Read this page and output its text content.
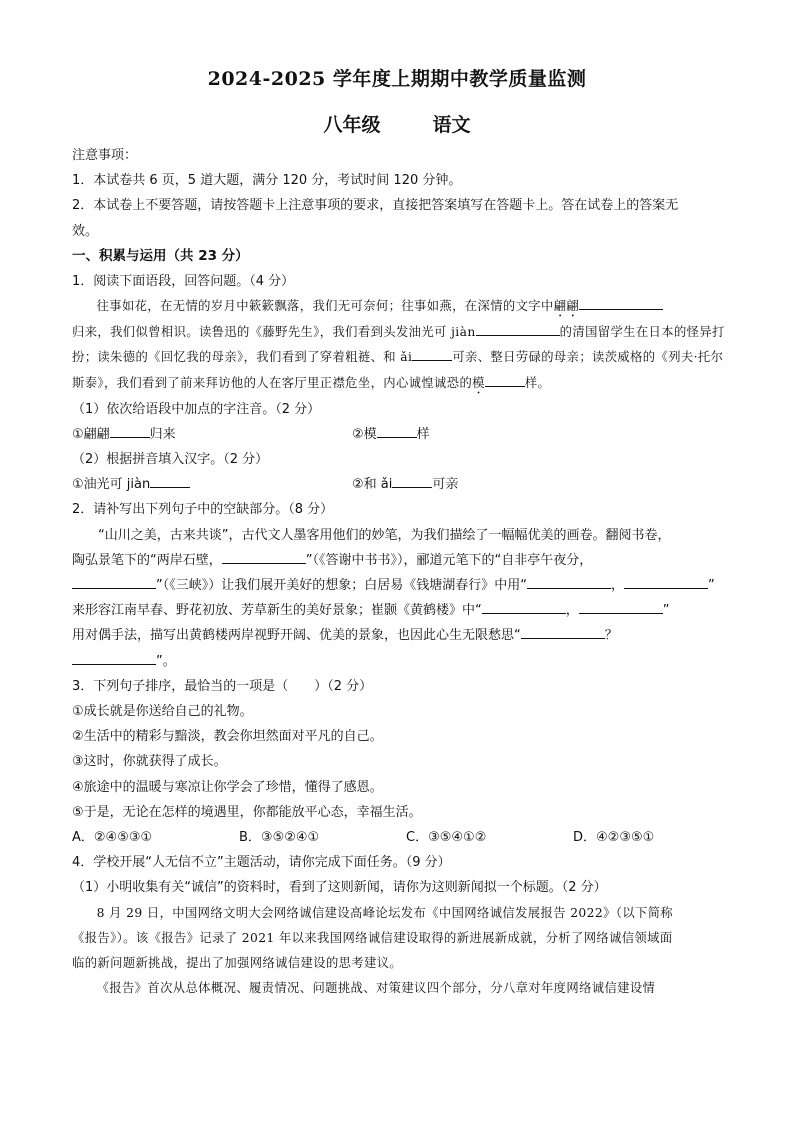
2024-2025 学年度上期期中教学质量监测
八年级	语文

注意事项：

1．本试卷共 6 页，5 道大题，满分 120 分，考试时间 120 分钟。

2．本试卷上不要答题，请按答题卡上注意事项的要求，直接把答案填写在答题卡上。答在试卷上的答案无

效。

一、积累与运用（共 23 分）

1．阅读下面语段，回答问题。（4 分）

往事如花，在无情的岁月中簌簌飘落，我们无可奈何；往事如燕，在深情的文字中翩翩

归来，我们似曾相识。读鲁迅的《藤野先生》，我们看到头发油光可 jiàn	的清国留学生在日本的怪异打扮；读朱德的《回忆我的母亲》，我们看到了穿着粗裢、和 ǎi	可亲、整日劳碌的母亲；读茨威格的《列夫·托尔斯泰》，我们看到了前来拜访他的人在客厅里正襟危坐，内心诚惶诚恐的模	样。

（1）依次给语段中加点的字注音。（2 分）

①翩翩	归来	②模	样

（2）根据拼音填入汉字。（2 分）

①油光可 jiàn	②和 ǎi	可亲

2．请补写出下列句子中的空缺部分。（8 分）

“山川之美，古来共谈”，古代文人墨客用他们的妙笔，为我们描绘了一幅幅优美的画卷。翻阅书卷，

陶弘景笔下的“两岸石壁，	”（《答谢中书书》），郦道元笔下的“自非亭午夜分，

”（《三峡》）让我们展开美好的想象；白居易《钱塘湖春行》中用“	，	”

来形容江南早春、野花初放、芳草新生的美好景象；崔颢《黄鹤楼》中“	，	”

用对偶手法，描写出黄鹤楼两岸视野开阔、优美的景象，也因此心生无限愁思“	？

”。

3．下列句子排序，最恰当的一项是（　　）（2 分）

①成长就是你送给自己的礼物。

②生活中的精彩与黯淡，教会你坦然面对平凡的自己。

③这时，你就获得了成长。

④旅途中的温暖与寒凉让你学会了珍惜，懂得了感恩。

⑤于是，无论在怎样的境遇里，你都能放平心态，幸福生活。

A．②④⑤③①	B．③⑤②④①	C．③⑤④①②	D．④②③⑤①

4．学校开展“人无信不立”主题活动，请你完成下面任务。（9 分）

（1）小明收集有关“诚信”的资料时，看到了这则新闻，请你为这则新闻拟一个标题。（2 分）

8 月 29 日，中国网络文明大会网络诚信建设高峰论坛发布《中国网络诚信发展报告 2022》（以下简称

《报告》）。该《报告》记录了 2021 年以来我国网络诚信建设取得的新进展新成就，分析了网络诚信领域面

临的新问题新挑战，提出了加强网络诚信建设的思考建议。

《报告》首次从总体概况、履责情况、问题挑战、对策建议四个部分，分八章对年度网络诚信建设情
